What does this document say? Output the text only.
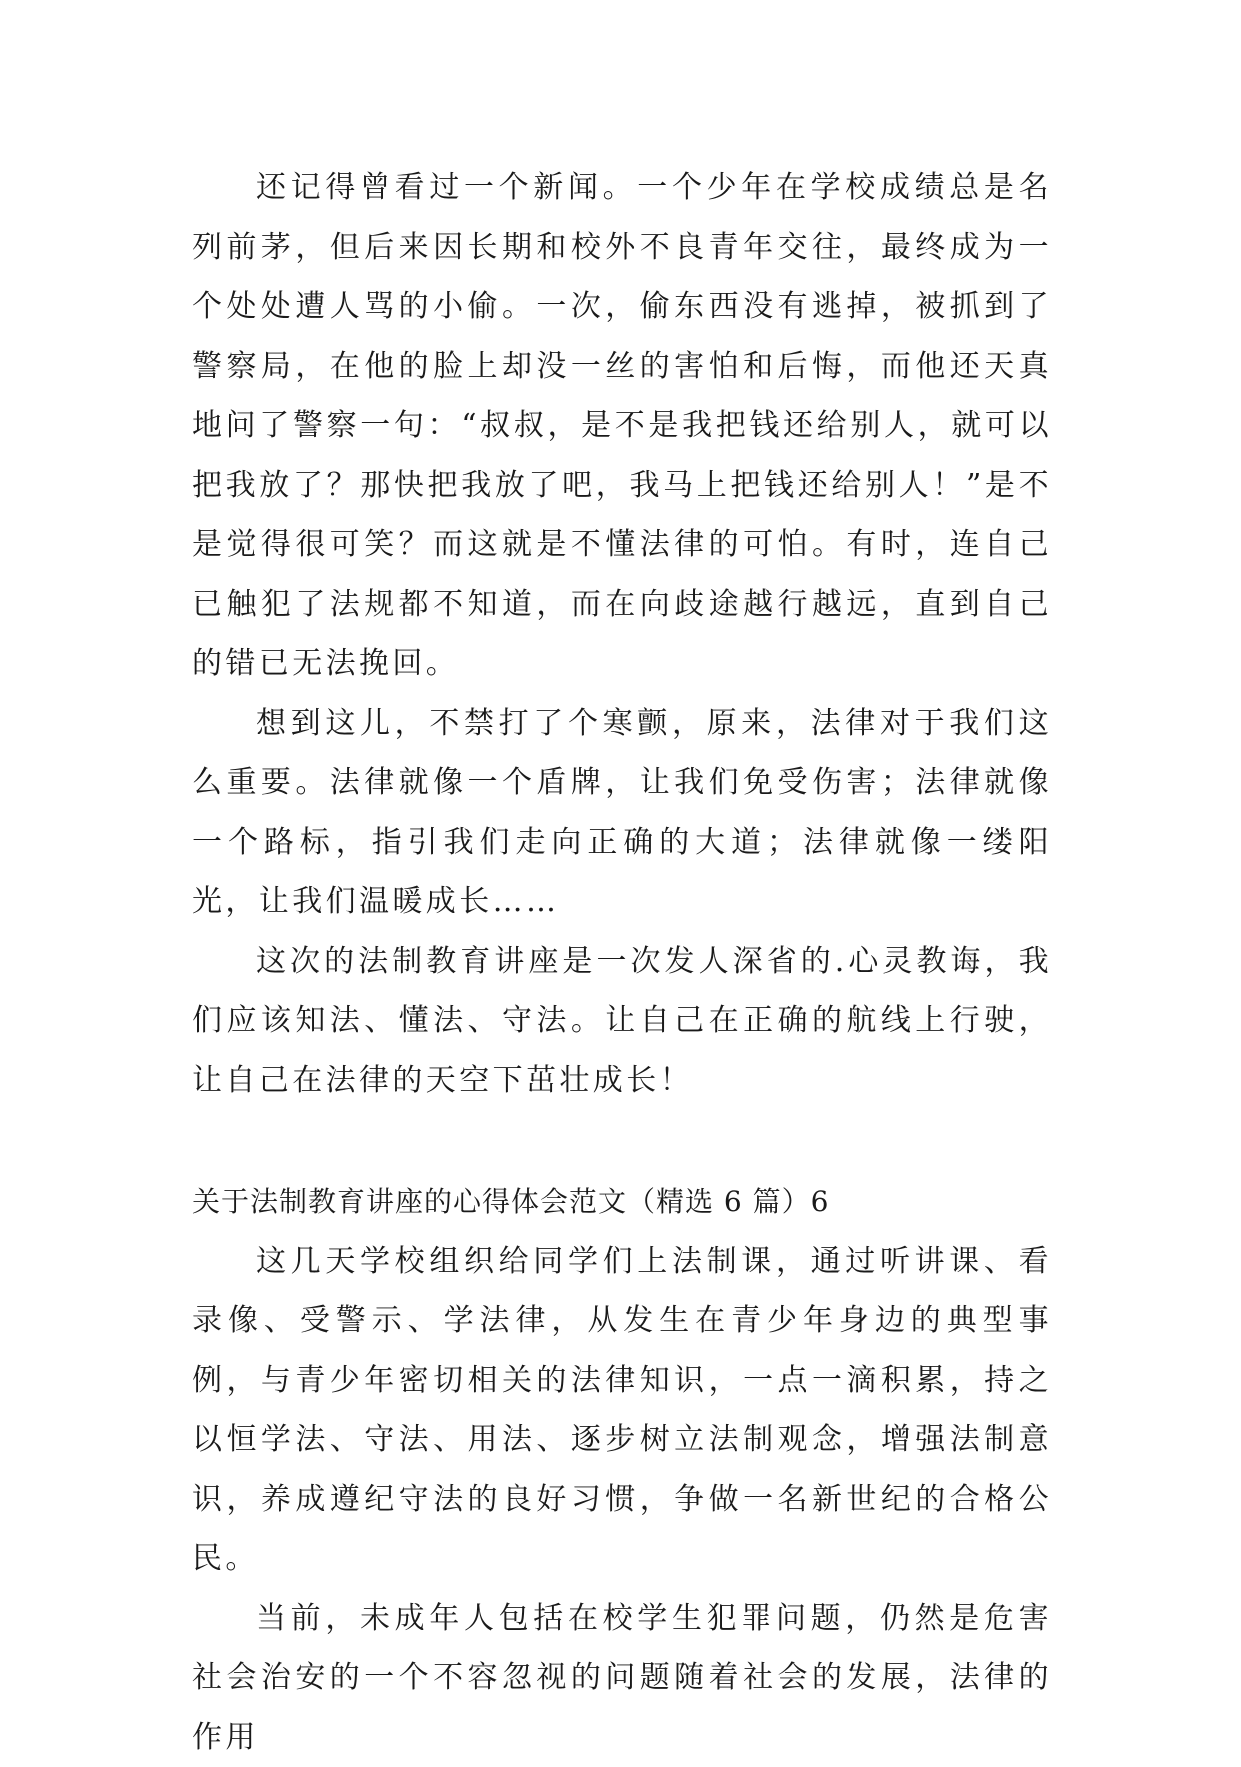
还记得曾看过一个新闻。一个少年在学校成绩总是名列前茅，但后来因长期和校外不良青年交往，最终成为一个处处遭人骂的小偷。一次，偷东西没有逃掉，被抓到了警察局，在他的脸上却没一丝的害怕和后悔，而他还天真地问了警察一句：“叔叔，是不是我把钱还给别人，就可以把我放了？那快把我放了吧，我马上把钱还给别人！”是不是觉得很可笑？而这就是不懂法律的可怕。有时，连自己已触犯了法规都不知道，而在向歧途越行越远，直到自己的错已无法挽回。

想到这儿，不禁打了个寒颤，原来，法律对于我们这么重要。法律就像一个盾牌，让我们免受伤害；法律就像一个路标，指引我们走向正确的大道；法律就像一缕阳光，让我们温暖成长……

这次的法制教育讲座是一次发人深省的.心灵教诲，我们应该知法、懂法、守法。让自己在正确的航线上行驶，让自己在法律的天空下茁壮成长！

关于法制教育讲座的心得体会范文（精选 6 篇）6

这几天学校组织给同学们上法制课，通过听讲课、看录像、受警示、学法律，从发生在青少年身边的典型事例，与青少年密切相关的法律知识，一点一滴积累，持之以恒学法、守法、用法、逐步树立法制观念，增强法制意识，养成遵纪守法的良好习惯，争做一名新世纪的合格公民。

当前，未成年人包括在校学生犯罪问题，仍然是危害社会治安的一个不容忽视的问题随着社会的发展，法律的作用
